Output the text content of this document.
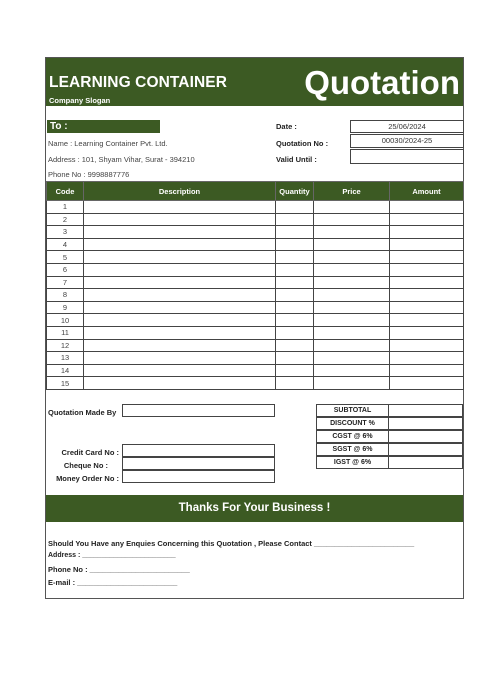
LEARNING CONTAINER
Company Slogan	Quotation
To :
Name : Learning Container Pvt. Ltd.
Address : 101, Shyam Vihar, Surat - 394210
Phone No : 9998887776
Date :	25/06/2024
Quotation No :	00030/2024-25
Valid Until :
Code	Description	Quantity	Price	Amount
1				
2				
3				
4				
5				
6				
7				
8				
9				
10				
11				
12				
13				
14				
15				
Quotation Made By
Credit Card No :
Cheque No :
Money Order No :
SUBTOTAL
DISCOUNT %
CGST @ 6%
SGST @ 6%
IGST @ 6%
Thanks For Your Business !
Should You Have any Enquies Concerning this Quotation , Please Contact ________________________
Address : ________________________
Phone No : ________________________
E-mail : ________________________
